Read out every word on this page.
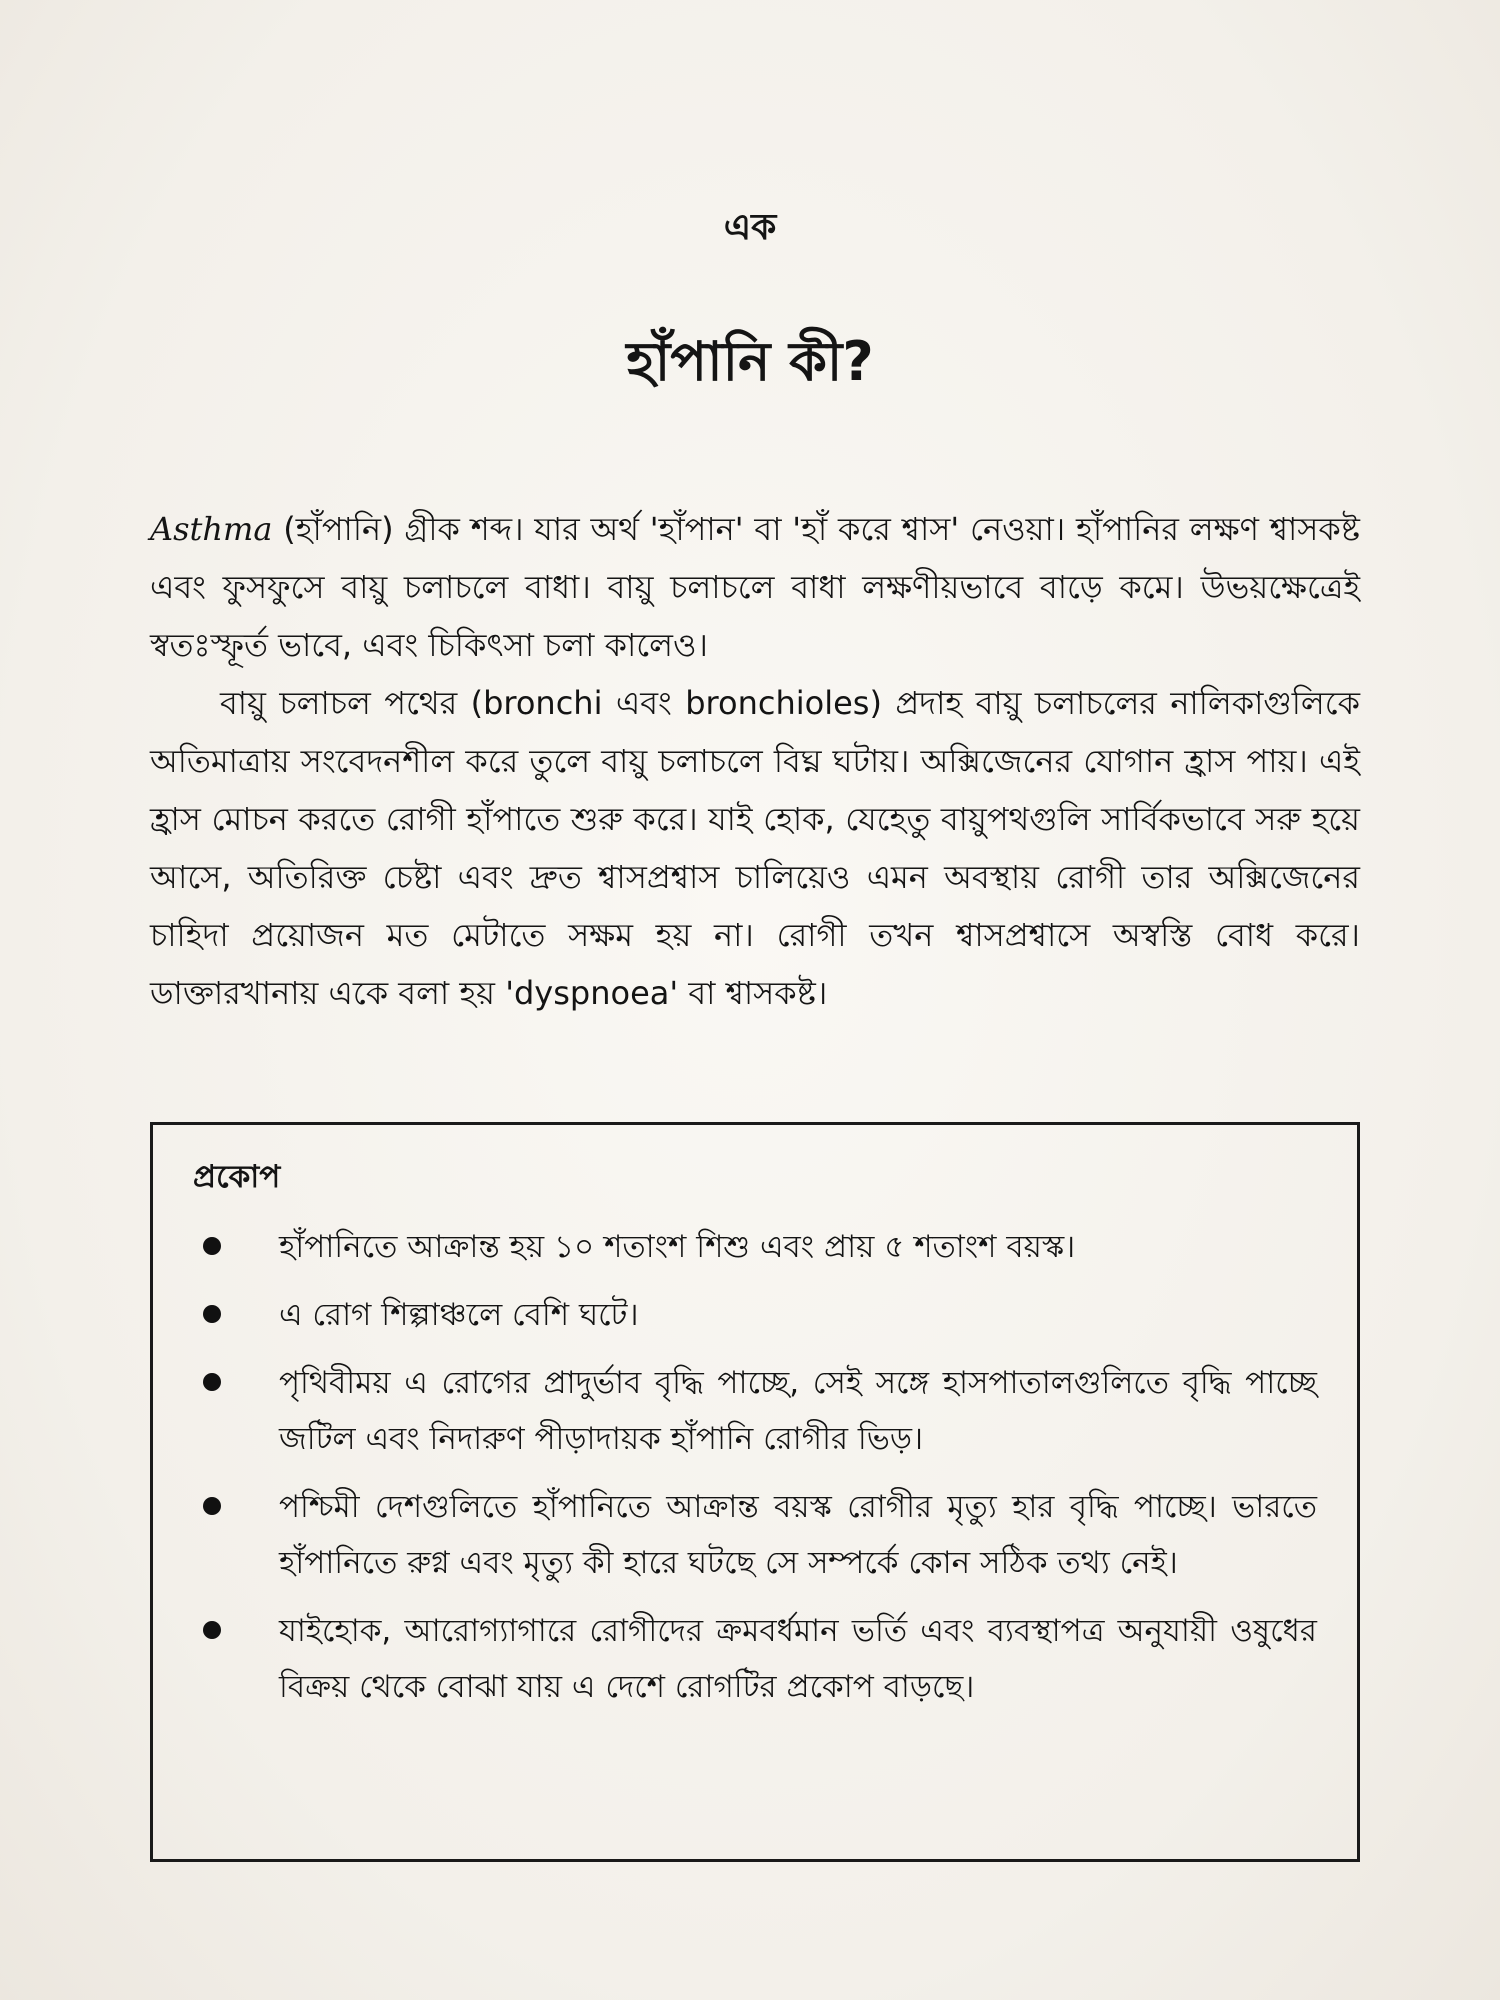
এক
হাঁপানি কী?

Asthma (হাঁপানি) গ্রীক শব্দ। যার অর্থ 'হাঁপান' বা 'হাঁ করে শ্বাস' নেওয়া। হাঁপানির লক্ষণ শ্বাসকষ্ট এবং ফুসফুসে বায়ু চলাচলে বাধা। বায়ু চলাচলে বাধা লক্ষণীয়ভাবে বাড়ে কমে। উভয়ক্ষেত্রেই স্বতঃস্ফূর্ত ভাবে, এবং চিকিৎসা চলা কালেও।

বায়ু চলাচল পথের (bronchi এবং bronchioles) প্রদাহ বায়ু চলাচলের নালিকাগুলিকে অতিমাত্রায় সংবেদনশীল করে তুলে বায়ু চলাচলে বিঘ্ন ঘটায়। অক্সিজেনের যোগান হ্রাস পায়। এই হ্রাস মোচন করতে রোগী হাঁপাতে শুরু করে। যাই হোক, যেহেতু বায়ুপথগুলি সার্বিকভাবে সরু হয়ে আসে, অতিরিক্ত চেষ্টা এবং দ্রুত শ্বাসপ্রশ্বাস চালিয়েও এমন অবস্থায় রোগী তার অক্সিজেনের চাহিদা প্রয়োজন মত মেটাতে সক্ষম হয় না। রোগী তখন শ্বাসপ্রশ্বাসে অস্বস্তি বোধ করে। ডাক্তারখানায় একে বলা হয় 'dyspnoea' বা শ্বাসকষ্ট।

প্রকোপ
হাঁপানিতে আক্রান্ত হয় ১০ শতাংশ শিশু এবং প্রায় ৫ শতাংশ বয়স্ক।
এ রোগ শিল্পাঞ্চলে বেশি ঘটে।
পৃথিবীময় এ রোগের প্রাদুর্ভাব বৃদ্ধি পাচ্ছে, সেই সঙ্গে হাসপাতালগুলিতে বৃদ্ধি পাচ্ছে জটিল এবং নিদারুণ পীড়াদায়ক হাঁপানি রোগীর ভিড়।
পশ্চিমী দেশগুলিতে হাঁপানিতে আক্রান্ত বয়স্ক রোগীর মৃত্যু হার বৃদ্ধি পাচ্ছে। ভারতে হাঁপানিতে রুগ্ন এবং মৃত্যু কী হারে ঘটছে সে সম্পর্কে কোন সঠিক তথ্য নেই।
যাইহোক, আরোগ্যাগারে রোগীদের ক্রমবর্ধমান ভর্তি এবং ব্যবস্থাপত্র অনুযায়ী ওষুধের বিক্রয় থেকে বোঝা যায় এ দেশে রোগটির প্রকোপ বাড়ছে।
